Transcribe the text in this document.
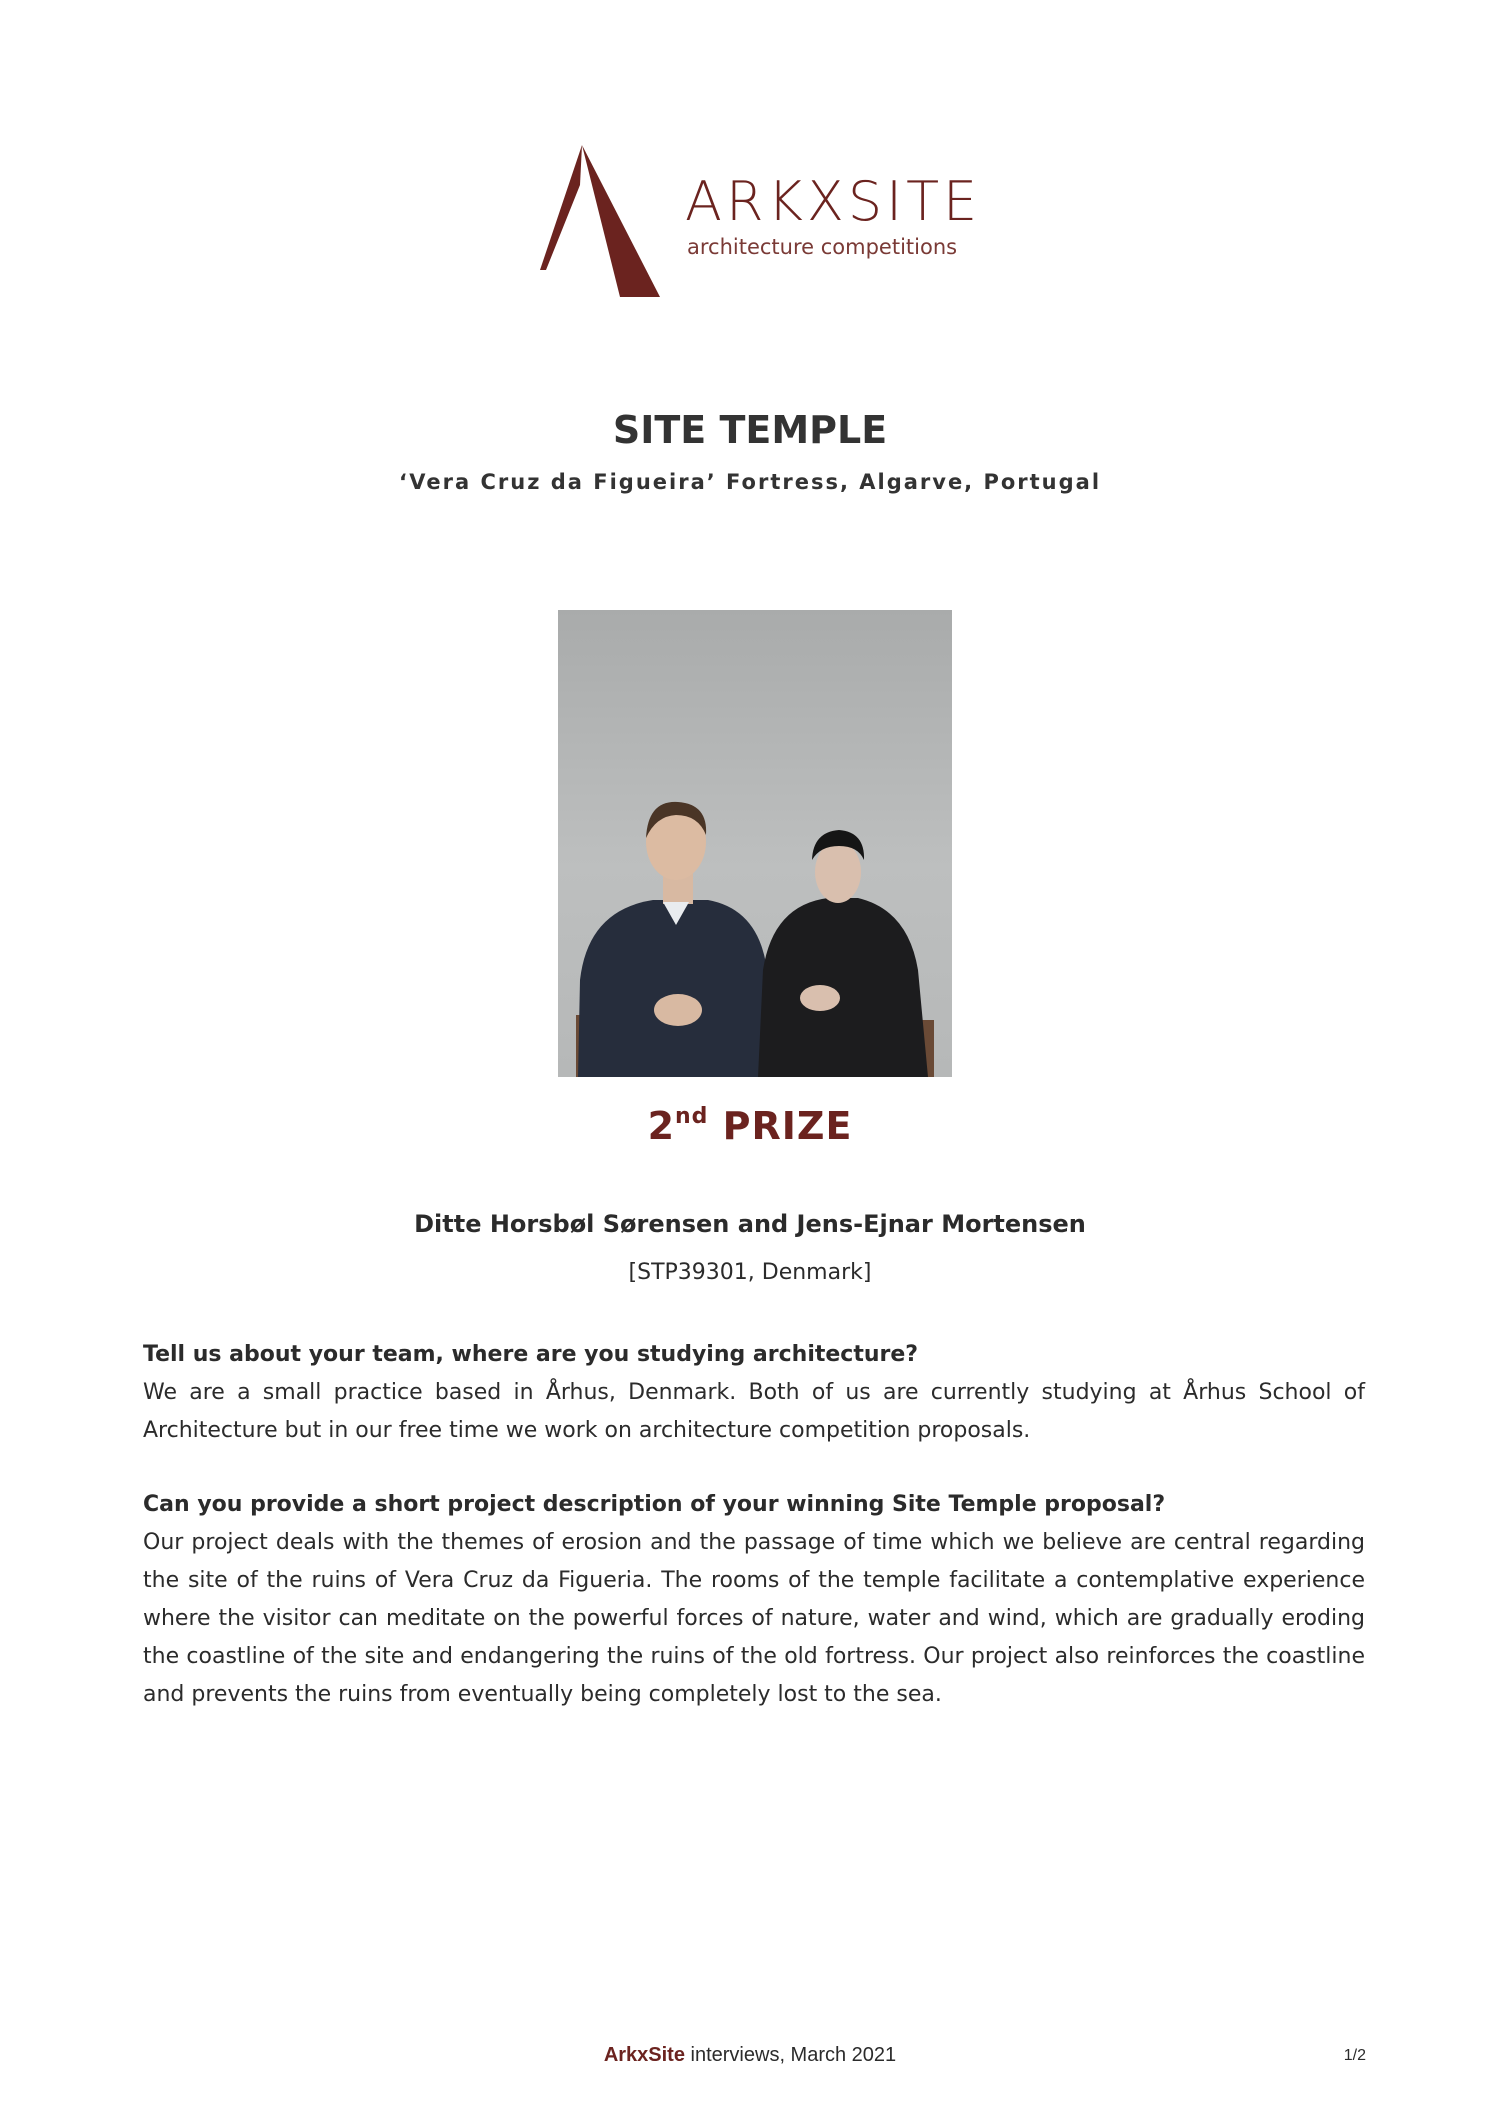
ARKXSITE
architecture competitions
SITE TEMPLE
‘Vera Cruz da Figueira’ Fortress, Algarve, Portugal
2nd PRIZE
Ditte Horsbøl Sørensen and Jens-Ejnar Mortensen
[STP39301, Denmark]
Tell us about your team, where are you studying architecture?
We are a small practice based in Århus, Denmark. Both of us are currently studying at Århus School of Architecture but in our free time we work on architecture competition proposals.
Can you provide a short project description of your winning Site Temple proposal?
Our project deals with the themes of erosion and the passage of time which we believe are central regarding the site of the ruins of Vera Cruz da Figueria. The rooms of the temple facilitate a contemplative experience where the visitor can meditate on the powerful forces of nature, water and wind, which are gradually eroding the coastline of the site and endangering the ruins of the old fortress. Our project also reinforces the coastline and prevents the ruins from eventually being completely lost to the sea.
ArkxSite interviews, March 2021	1/2
